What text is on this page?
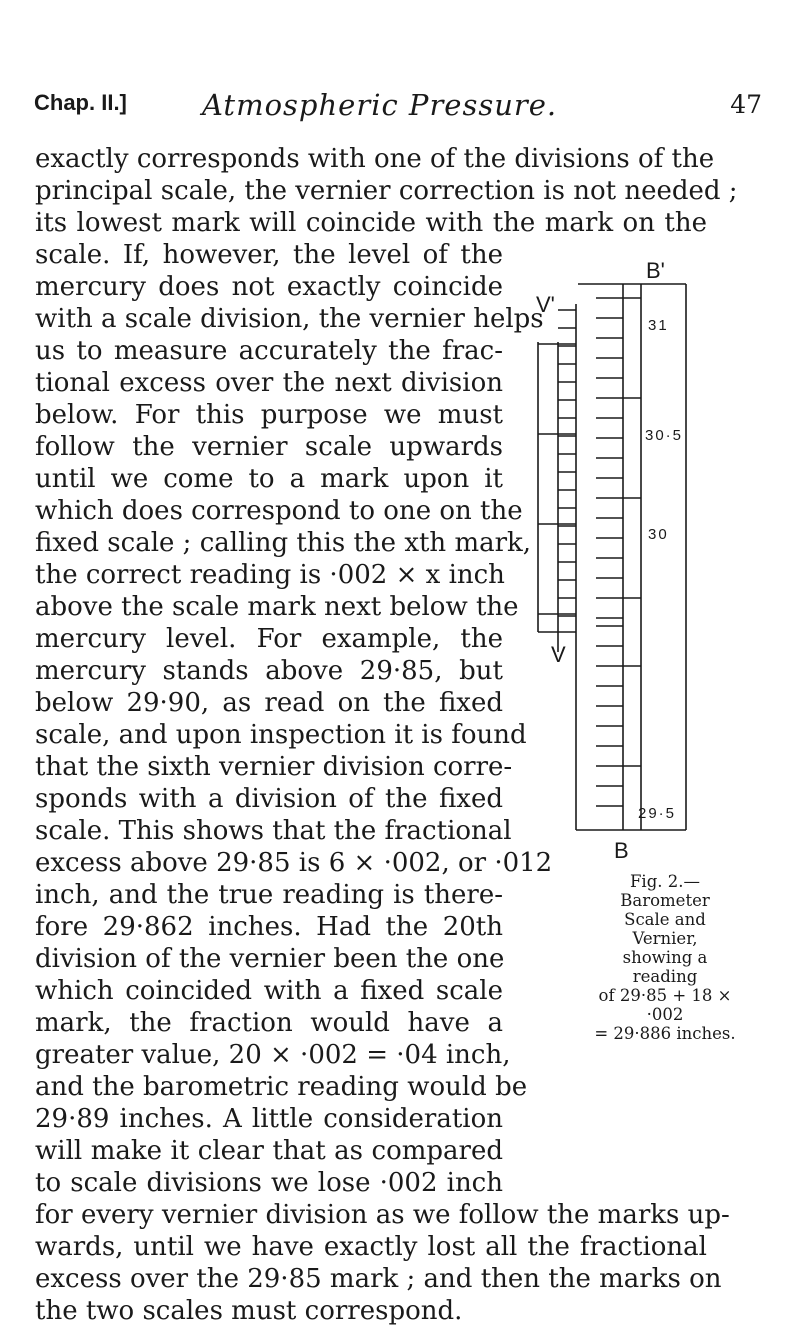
Chap. II.]	Atmospheric Pressure.	47
exactly corresponds with one of the divisions of the
principal scale, the vernier correction is not needed ;
its lowest mark will coincide with the mark on the
scale. If, however, the level of the
mercury does not exactly coincide
with a scale division, the vernier helps
us to measure accurately the frac-
tional excess over the next division
below. For this purpose we must
follow the vernier scale upwards
until we come to a mark upon it
which does correspond to one on the
fixed scale ; calling this the xth mark,
the correct reading is ·002 × x inch
above the scale mark next below the
mercury level. For example, the
mercury stands above 29·85, but
below 29·90, as read on the fixed
scale, and upon inspection it is found
that the sixth vernier division corre-
sponds with a division of the fixed
scale. This shows that the fractional
excess above 29·85 is 6 × ·002, or ·012
inch, and the true reading is there-
fore 29·862 inches. Had the 20th
division of the vernier been the one
which coincided with a fixed scale
mark, the fraction would have a
greater value, 20 × ·002 = ·04 inch,
and the barometric reading would be
29·89 inches. A little consideration
will make it clear that as compared
to scale divisions we lose ·002 inch
for every vernier division as we follow the marks up-
wards, until we have exactly lost all the fractional
excess over the 29·85 mark ; and then the marks on
the two scales must correspond.
B'
V'
31
30·5
30
V
29·5
B
Fig. 2.—Barometer
Scale and Vernier,
showing a reading
of 29·85 + 18 × ·002
= 29·886 inches.
